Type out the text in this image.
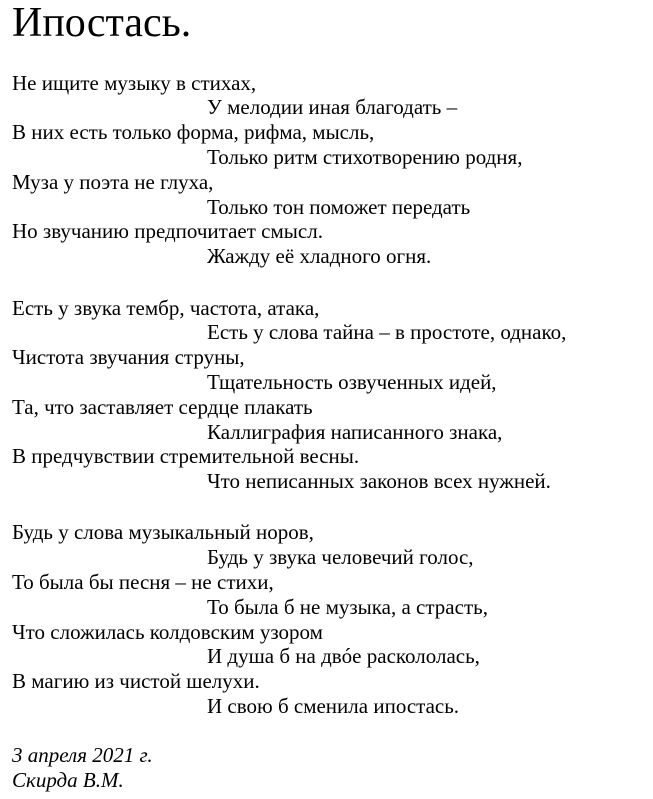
Ипостась.
Не ищите музыку в стихах,
У мелодии иная благодать –
В них есть только форма, рифма, мысль,
Только ритм стихотворению родня,
Муза у поэта не глуха,
Только тон поможет передать
Но звучанию предпочитает смысл.
Жажду её хладного огня.
Есть у звука тембр, частота, атака,
Есть у слова тайна – в простоте, однако,
Чистота звучания струны,
Тщательность озвученных идей,
Та, что заставляет сердце плакать
Каллиграфия написанного знака,
В предчувствии стремительной весны.
Что неписанных законов всех нужней.
Будь у слова музыкальный норов,
Будь у звука человечий голос,
То была бы песня – не стихи,
То была б не музыка, а страсть,
Что сложилась колдовским узором
И душа б на двóе раскололась,
В магию из чистой шелухи.
И свою б сменила ипостась.
3 апреля 2021 г.
Скирда В.М.
